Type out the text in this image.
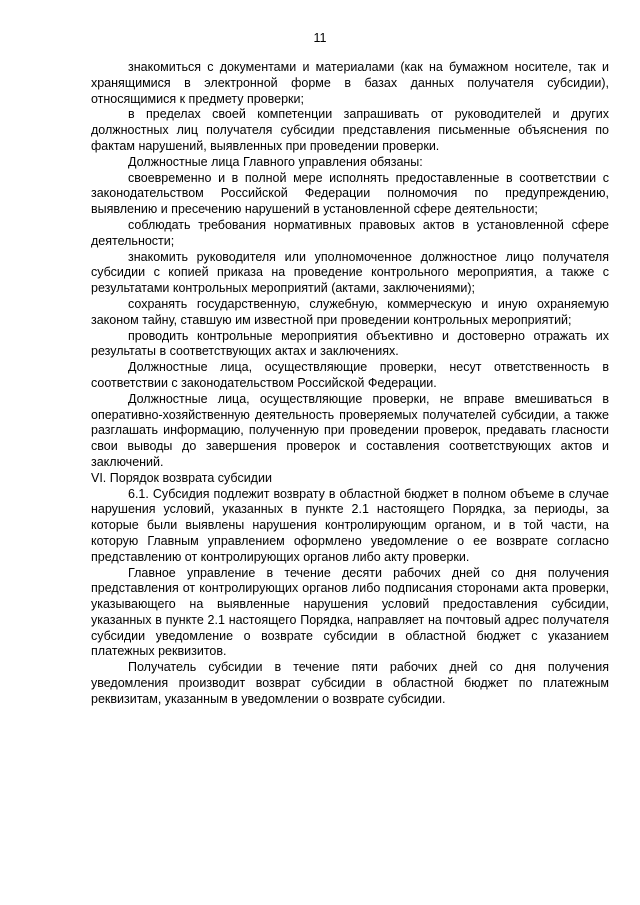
11

знакомиться с документами и материалами (как на бумажном носителе, так и хранящимися в электронной форме в базах данных получателя субсидии), относящимися к предмету проверки;

в пределах своей компетенции запрашивать от руководителей и других должностных лиц получателя субсидии представления письменные объяснения по фактам нарушений, выявленных при проведении проверки.

Должностные лица Главного управления обязаны:

своевременно и в полной мере исполнять предоставленные в соответствии с законодательством Российской Федерации полномочия по предупреждению, выявлению и пресечению нарушений в установленной сфере деятельности;

соблюдать требования нормативных правовых актов в установленной сфере деятельности;

знакомить руководителя или уполномоченное должностное лицо получателя субсидии с копией приказа на проведение контрольного мероприятия, а также с результатами контрольных мероприятий (актами, заключениями);

сохранять государственную, служебную, коммерческую и иную охраняемую законом тайну, ставшую им известной при проведении контрольных мероприятий;

проводить контрольные мероприятия объективно и достоверно отражать их результаты в соответствующих актах и заключениях.

Должностные лица, осуществляющие проверки, несут ответственность в соответствии с законодательством Российской Федерации.

Должностные лица, осуществляющие проверки, не вправе вмешиваться в оперативно-хозяйственную деятельность проверяемых получателей субсидии, а также разглашать информацию, полученную при проведении проверок, предавать гласности свои выводы до завершения проверок и составления соответствующих актов и заключений.

VI. Порядок возврата субсидии

6.1. Субсидия подлежит возврату в областной бюджет в полном объеме в случае нарушения условий, указанных в пункте 2.1 настоящего Порядка, за периоды, за которые были выявлены нарушения контролирующим органом, и в той части, на которую Главным управлением оформлено уведомление о ее возврате согласно представлению от контролирующих органов либо акту проверки.

Главное управление в течение десяти рабочих дней со дня получения представления от контролирующих органов либо подписания сторонами акта проверки, указывающего на выявленные нарушения условий предоставления субсидии, указанных в пункте 2.1 настоящего Порядка, направляет на почтовый адрес получателя субсидии уведомление о возврате субсидии в областной бюджет с указанием платежных реквизитов.

Получатель субсидии в течение пяти рабочих дней со дня получения уведомления производит возврат субсидии в областной бюджет по платежным реквизитам, указанным в уведомлении о возврате субсидии.
